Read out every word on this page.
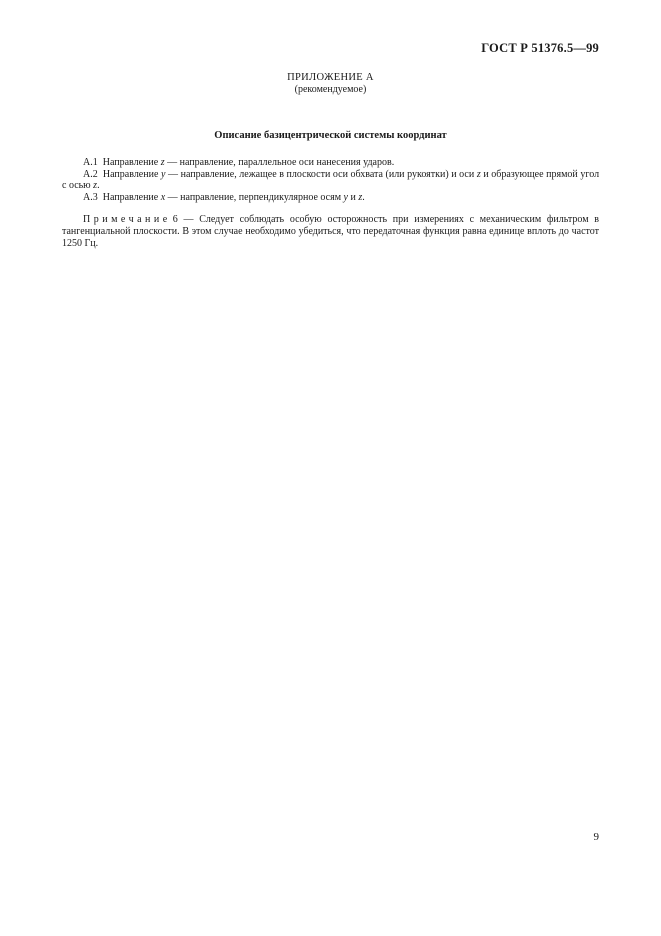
ГОСТ Р 51376.5—99
ПРИЛОЖЕНИЕ А
(рекомендуемое)
Описание базицентрической системы координат

А.1 Направление z — направление, параллельное оси нанесения ударов.

А.2 Направление y — направление, лежащее в плоскости оси обхвата (или рукоятки) и оси z и образующее прямой угол с осью z.

А.3 Направление x — направление, перпендикулярное осям y и z.

Примечание 6 — Следует соблюдать особую осторожность при измерениях с механическим фильтром в тангенциальной плоскости. В этом случае необходимо убедиться, что передаточная функция равна единице вплоть до частот 1250 Гц.

9
